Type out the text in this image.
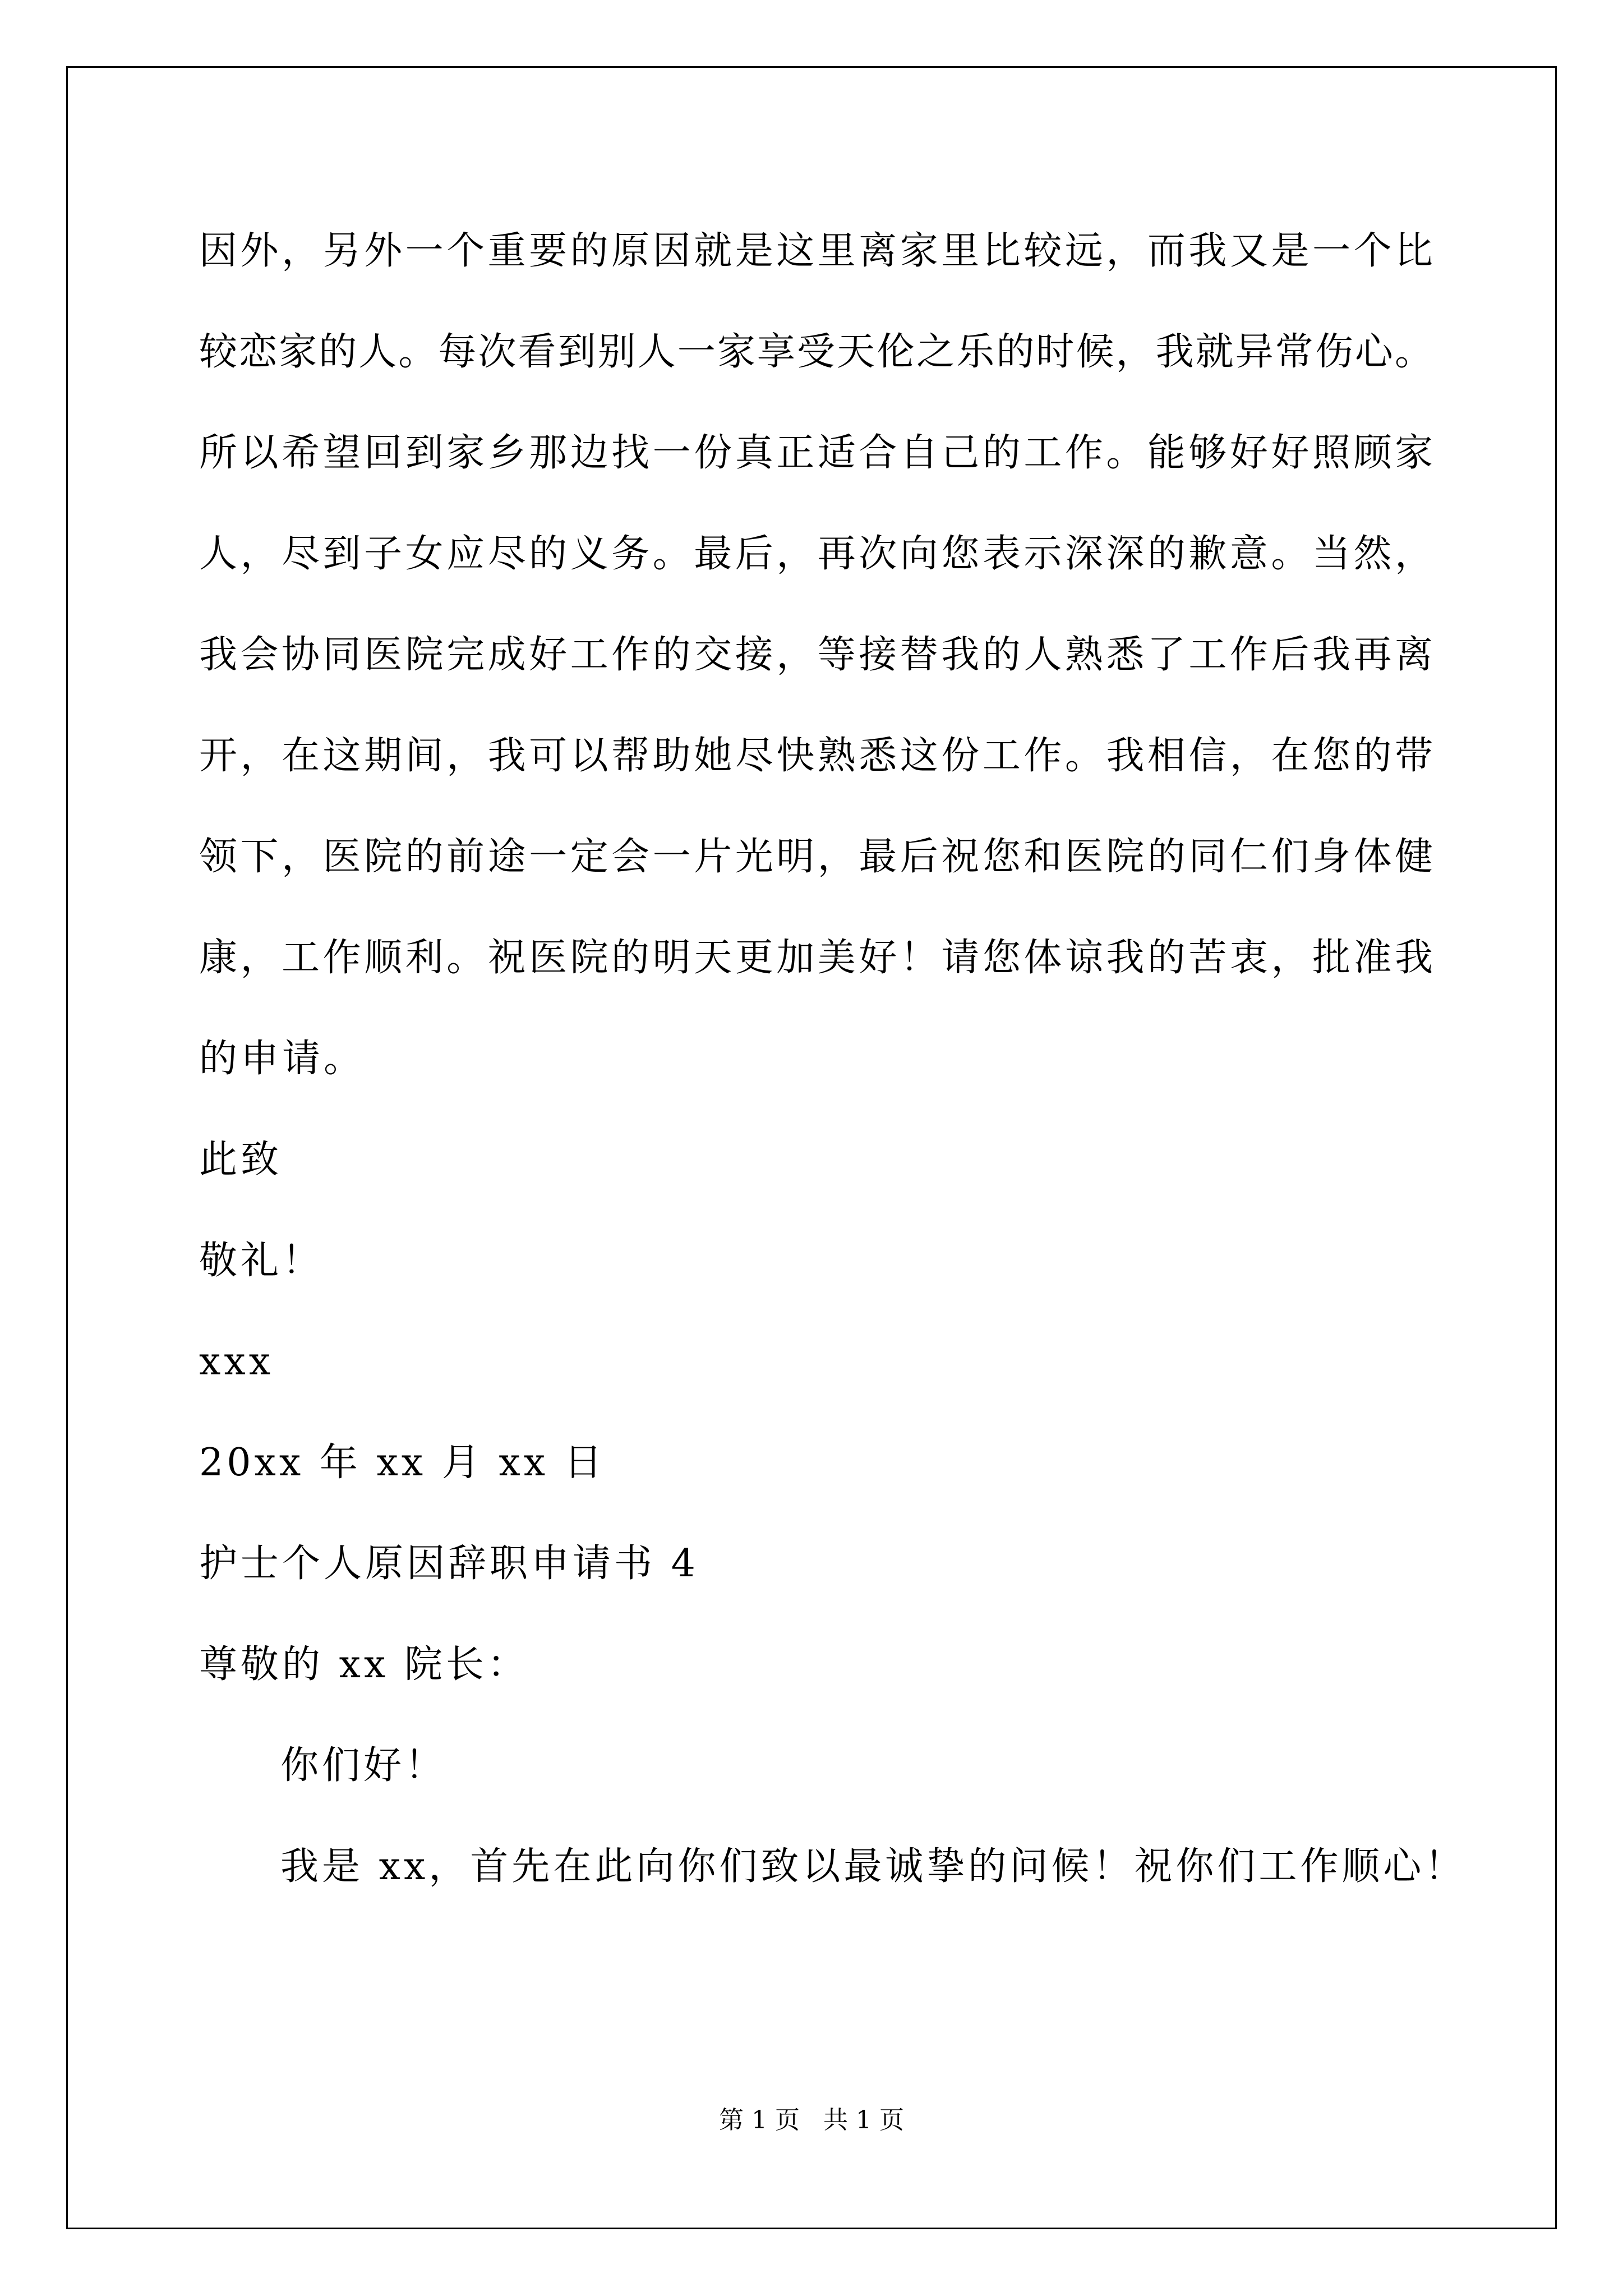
因外，另外一个重要的原因就是这里离家里比较远，而我又是一个比
较恋家的人。每次看到别人一家享受天伦之乐的时候，我就异常伤心。
所以希望回到家乡那边找一份真正适合自己的工作。能够好好照顾家
人，尽到子女应尽的义务。最后，再次向您表示深深的歉意。当然，
我会协同医院完成好工作的交接，等接替我的人熟悉了工作后我再离
开，在这期间，我可以帮助她尽快熟悉这份工作。我相信，在您的带
领下，医院的前途一定会一片光明，最后祝您和医院的同仁们身体健
康，工作顺利。祝医院的明天更加美好！请您体谅我的苦衷，批准我
的申请。
此致
敬礼！
xxx
20xx 年 xx 月 xx 日
护士个人原因辞职申请书 4
尊敬的 xx 院长：
你们好！
我是 xx，首先在此向你们致以最诚挚的问候！祝你们工作顺心！
第 1 页   共 1 页
